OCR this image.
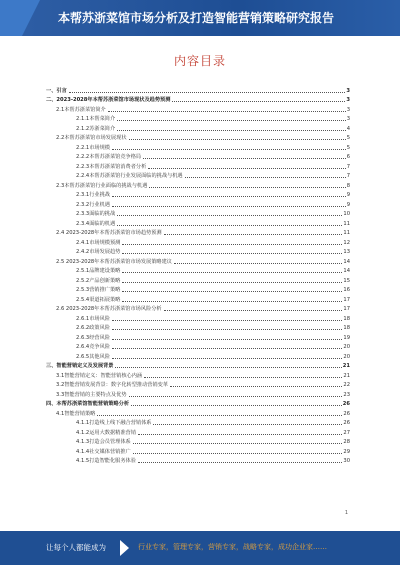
本帮苏浙菜馆市场分析及打造智能营销策略研究报告
内容目录
一、引言	3
二、2023-2028年本帮苏浙菜馆市场现状及趋势预测	3
2.1本帮苏浙菜馆简介	3
2.1.1本帮菜简介	3
2.1.2苏浙菜简介	4
2.2本帮苏浙菜馆市场发展现状	5
2.2.1市场规模	5
2.2.2本帮苏浙菜馆竞争格局	6
2.2.3本帮苏浙菜馆消费者分析	7
2.2.4本帮苏浙菜馆行业发展面临的挑战与机遇	7
2.3本帮苏浙菜馆行业面临的挑战与机遇	8
2.3.1行业挑战	9
2.3.2行业机遇	9
2.3.3面临的挑战	10
2.3.4面临的机遇	11
2.4 2023-2028年本帮苏浙菜馆市场趋势预测	11
2.4.1市场规模预测	12
2.4.2市场发展趋势	13
2.5 2023-2028年本帮苏浙菜馆市场发展策略建议	14
2.5.1品牌建设策略	14
2.5.2产品创新策略	15
2.5.3营销推广策略	16
2.5.4渠道拓展策略	17
2.6 2023-2028年本帮苏浙菜馆市场风险分析	17
2.6.1市场风险	18
2.6.2政策风险	18
2.6.3经营风险	19
2.6.4竞争风险	20
2.6.5其他风险	20
三、智能营销定义及发展背景	21
3.1智能营销定义：智能营销核心内涵	21
3.2智能营销发展背景：数字化转型推动营销变革	22
3.3智能营销的主要特点及优势	23
四、本帮苏浙菜馆智能营销策略分析	26
4.1智能营销策略	26
4.1.1打造线上线下融合营销体系	26
4.1.2运用大数据精准营销	27
4.1.3打造会员管理体系	28
4.1.4社交媒体营销推广	29
4.1.5打造智能化服务体验	30
1
让每个人都能成为	行业专家，管理专家，营销专家，战略专家，成功企业家……
